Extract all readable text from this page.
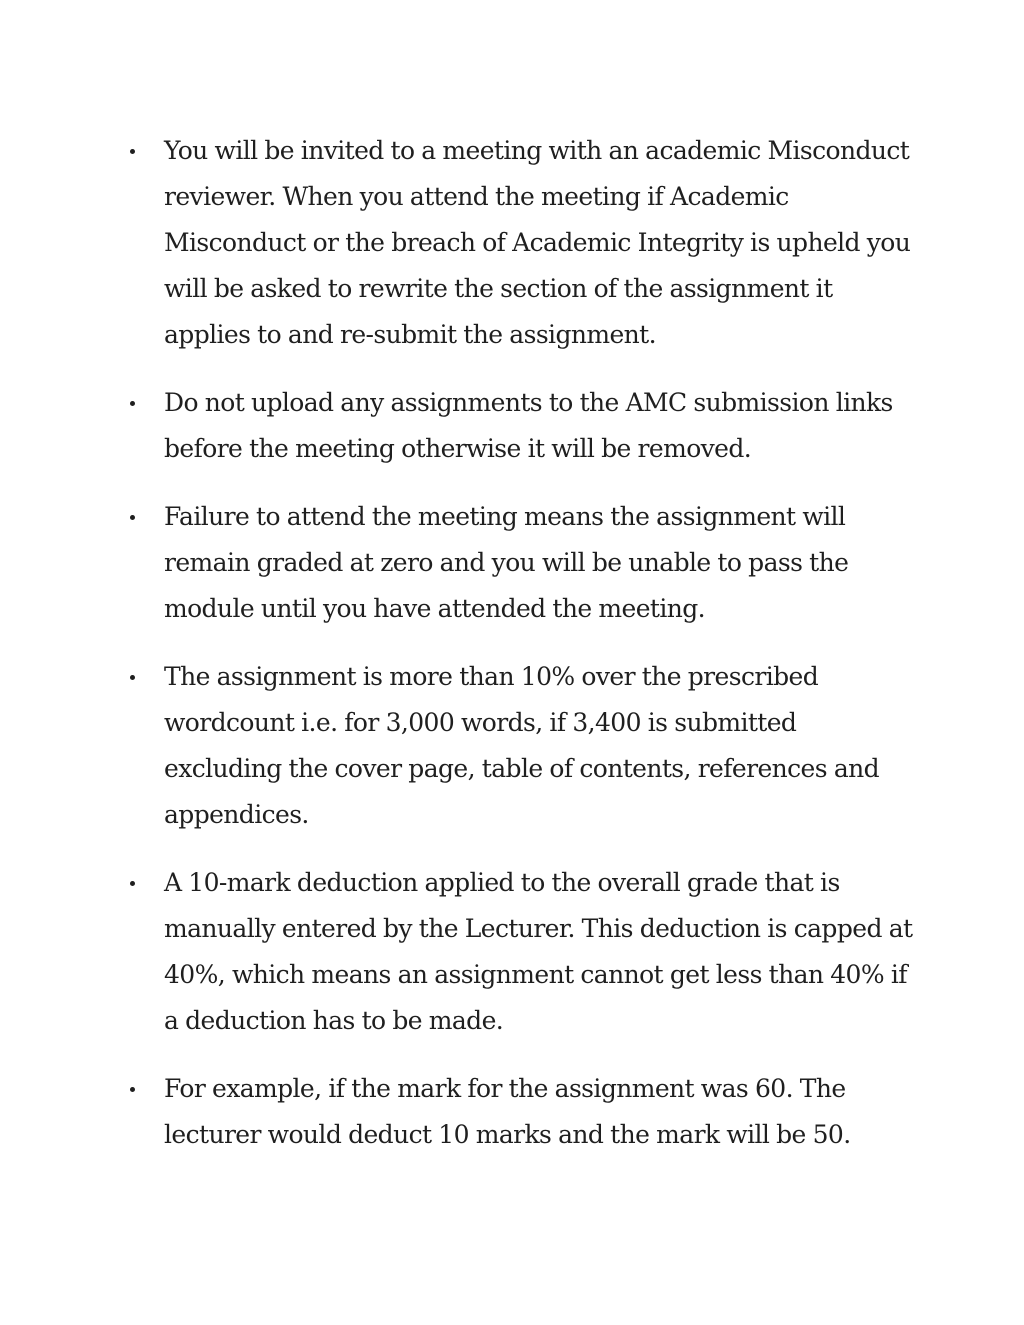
You will be invited to a meeting with an academic Misconduct reviewer. When you attend the meeting if Academic Misconduct or the breach of Academic Integrity is upheld you will be asked to rewrite the section of the assignment it applies to and re-submit the assignment.
Do not upload any assignments to the AMC submission links before the meeting otherwise it will be removed.
Failure to attend the meeting means the assignment will remain graded at zero and you will be unable to pass the module until you have attended the meeting.
The assignment is more than 10% over the prescribed wordcount i.e. for 3,000 words, if 3,400 is submitted excluding the cover page, table of contents, references and appendices.
A 10-mark deduction applied to the overall grade that is manually entered by the Lecturer. This deduction is capped at 40%, which means an assignment cannot get less than 40% if a deduction has to be made.
For example, if the mark for the assignment was 60. The lecturer would deduct 10 marks and the mark will be 50.
